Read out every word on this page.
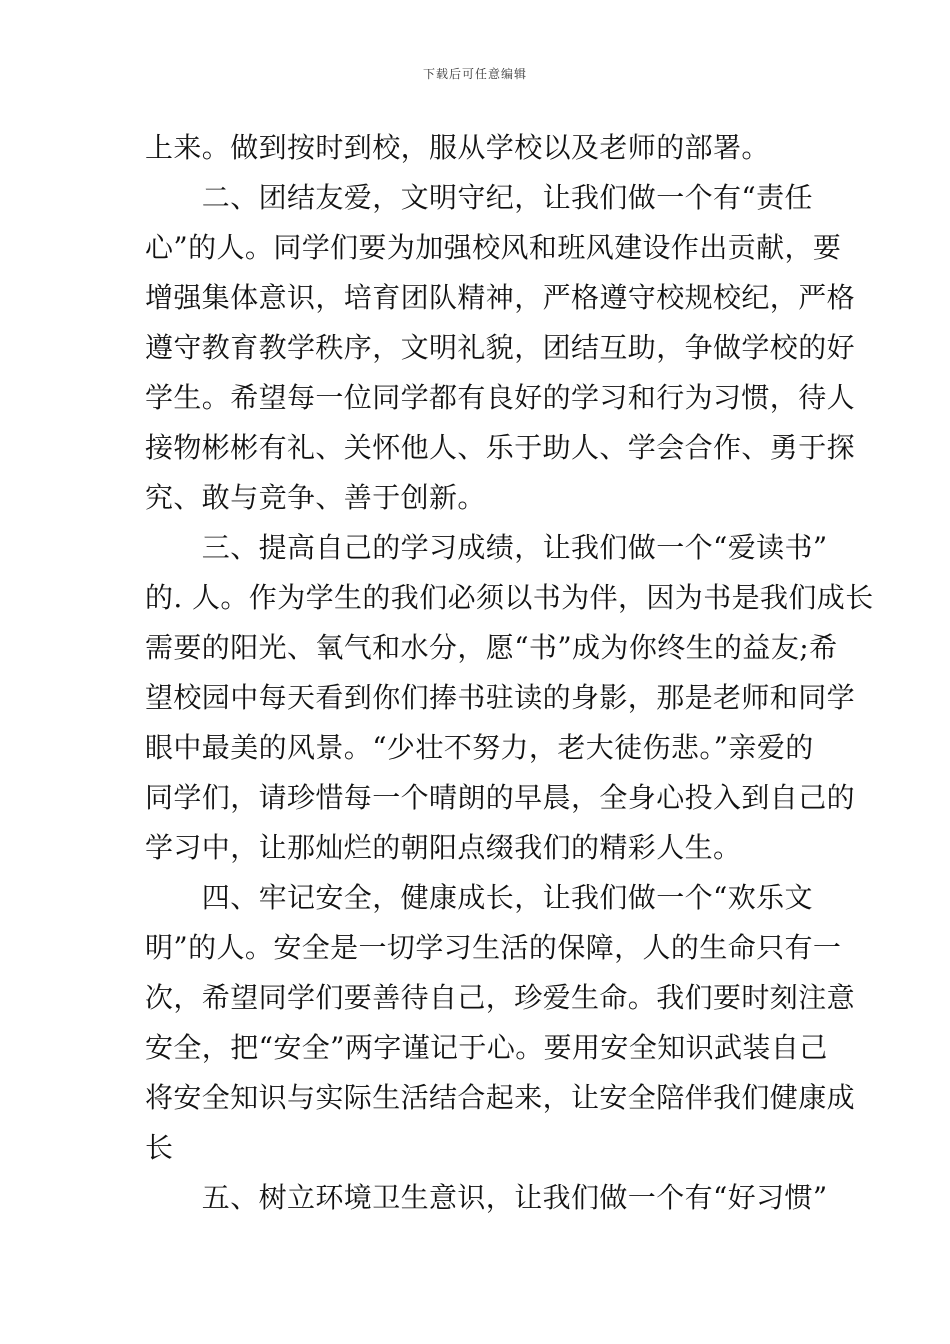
下载后可任意编辑
上来。做到按时到校，服从学校以及老师的部署。
　　二、团结友爱，文明守纪，让我们做一个有“责任
心”的人。同学们要为加强校风和班风建设作出贡献，要
增强集体意识，培育团队精神，严格遵守校规校纪，严格
遵守教育教学秩序，文明礼貌，团结互助，争做学校的好
学生。希望每一位同学都有良好的学习和行为习惯，待人
接物彬彬有礼、关怀他人、乐于助人、学会合作、勇于探
究、敢与竞争、善于创新。
　　三、提高自己的学习成绩，让我们做一个“爱读书”
的. 人。作为学生的我们必须以书为伴，因为书是我们成长
需要的阳光、氧气和水分，愿“书”成为你终生的益友;希
望校园中每天看到你们捧书驻读的身影，那是老师和同学
眼中最美的风景。“少壮不努力，老大徒伤悲。”亲爱的
同学们，请珍惜每一个晴朗的早晨，全身心投入到自己的
学习中，让那灿烂的朝阳点缀我们的精彩人生。
　　四、牢记安全，健康成长，让我们做一个“欢乐文
明”的人。安全是一切学习生活的保障，人的生命只有一
次，希望同学们要善待自己，珍爱生命。我们要时刻注意
安全，把“安全”两字谨记于心。要用安全知识武装自己
将安全知识与实际生活结合起来，让安全陪伴我们健康成
长
　　五、树立环境卫生意识，让我们做一个有“好习惯”
